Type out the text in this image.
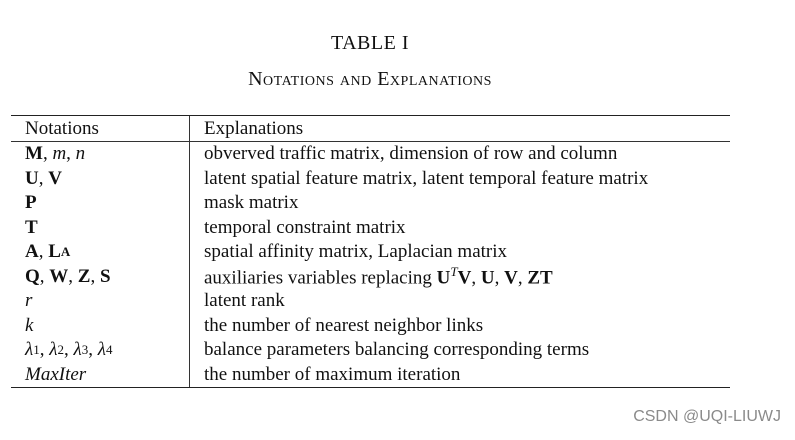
TABLE I
Notations and Explanations
Notations	Explanations
M , m , n	obverved traffic matrix, dimension of row and column
U , V	latent spatial feature matrix, latent temporal feature matrix
P	mask matrix
T	temporal constraint matrix
A , L A	spatial affinity matrix, Laplacian matrix
Q , W , Z , S	auxiliaries variables replacing $U^TV$, U, V, ZT
r	latent rank
k	the number of nearest neighbor links
λ 1 , λ 2 , λ 3 , λ 4	balance parameters balancing corresponding terms
MaxIter	the number of maximum iteration
CSDN @UQI-LIUWJ
